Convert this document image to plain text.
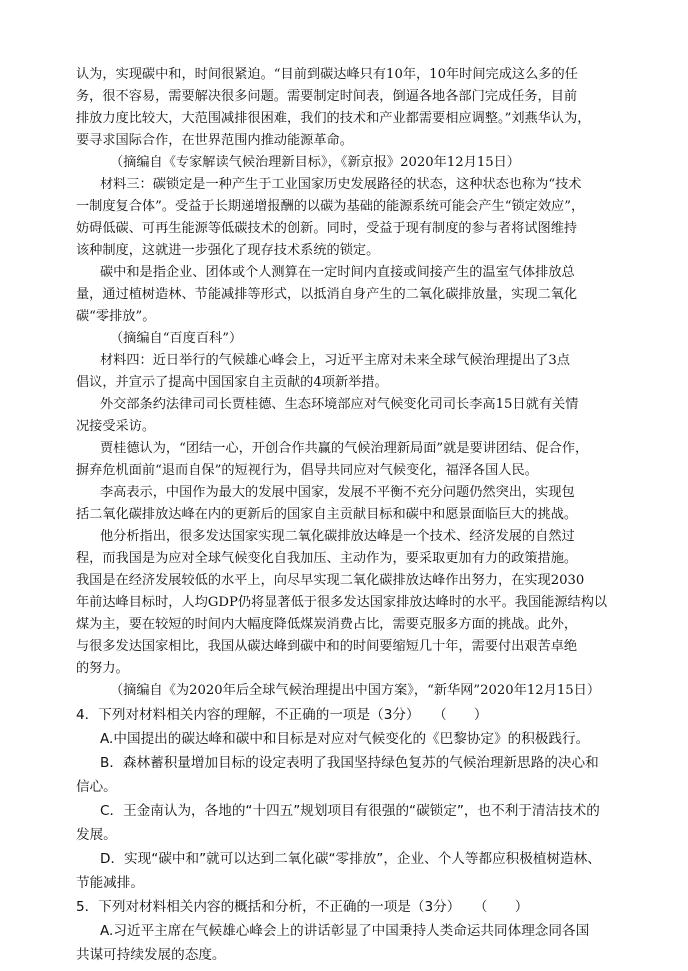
认为，实现碳中和，时间很紧迫。“目前到碳达峰只有10年，10年时间完成这么多的任
务，很不容易，需要解决很多问题。需要制定时间表，倒逼各地各部门完成任务，目前
排放力度比较大，大范围减排很困难，我们的技术和产业都需要相应调整。”刘燕华认为，
要寻求国际合作，在世界范围内推动能源革命。
（摘编自《专家解读气候治理新目标》，《新京报》2020年12月15日）
材料三：碳锁定是一种产生于工业国家历史发展路径的状态，这种状态也称为“技术
一制度复合体”。受益于长期递增报酬的以碳为基础的能源系统可能会产生“锁定效应”，
妨碍低碳、可再生能源等低碳技术的创新。同时，受益于现有制度的参与者将试图维持
该种制度，这就进一步强化了现存技术系统的锁定。
碳中和是指企业、团体或个人测算在一定时间内直接或间接产生的温室气体排放总
量，通过植树造林、节能减排等形式，以抵消自身产生的二氧化碳排放量，实现二氧化
碳“零排放”。
（摘编自“百度百科”）
材料四：近日举行的气候雄心峰会上，习近平主席对未来全球气候治理提出了3点
倡议，并宣示了提高中国国家自主贡献的4项新举措。
外交部条约法律司司长贾桂德、生态环境部应对气候变化司司长李高15日就有关情
况接受采访。
贾桂德认为，“团结一心，开创合作共赢的气候治理新局面”就是要讲团结、促合作，
摒弃危机面前“退而自保”的短视行为，倡导共同应对气候变化，福泽各国人民。
李高表示，中国作为最大的发展中国家，发展不平衡不充分问题仍然突出，实现包
括二氧化碳排放达峰在内的更新后的国家自主贡献目标和碳中和愿景面临巨大的挑战。
他分析指出，很多发达国家实现二氧化碳排放达峰是一个技术、经济发展的自然过
程，而我国是为应对全球气候变化自我加压、主动作为，要采取更加有力的政策措施。
我国是在经济发展较低的水平上，向尽早实现二氧化碳排放达峰作出努力，在实现2030
年前达峰目标时，人均GDP仍将显著低于很多发达国家排放达峰时的水平。我国能源结构以
煤为主，要在较短的时间内大幅度降低煤炭消费占比，需要克服多方面的挑战。此外，
与很多发达国家相比，我国从碳达峰到碳中和的时间要缩短几十年，需要付出艰苦卓绝
的努力。
（摘编自《为2020年后全球气候治理提出中国方案》，“新华网”2020年12月15日）
4．下列对材料相关内容的理解，不正确的一项是（3分）　　（　　）
A.中国提出的碳达峰和碳中和目标是对应对气候变化的《巴黎协定》的积极践行。
B．森林蓄积量增加目标的设定表明了我国坚持绿色复苏的气候治理新思路的决心和
信心。
C．王金南认为，各地的“十四五”规划项目有很强的“碳锁定”，也不利于清洁技术的
发展。
D．实现“碳中和”就可以达到二氧化碳“零排放”，企业、个人等都应积极植树造林、
节能减排。
5．下列对材料相关内容的概括和分析，不正确的一项是（3分）　　（　　）
A.习近平主席在气候雄心峰会上的讲话彰显了中国秉持人类命运共同体理念同各国
共谋可持续发展的态度。
